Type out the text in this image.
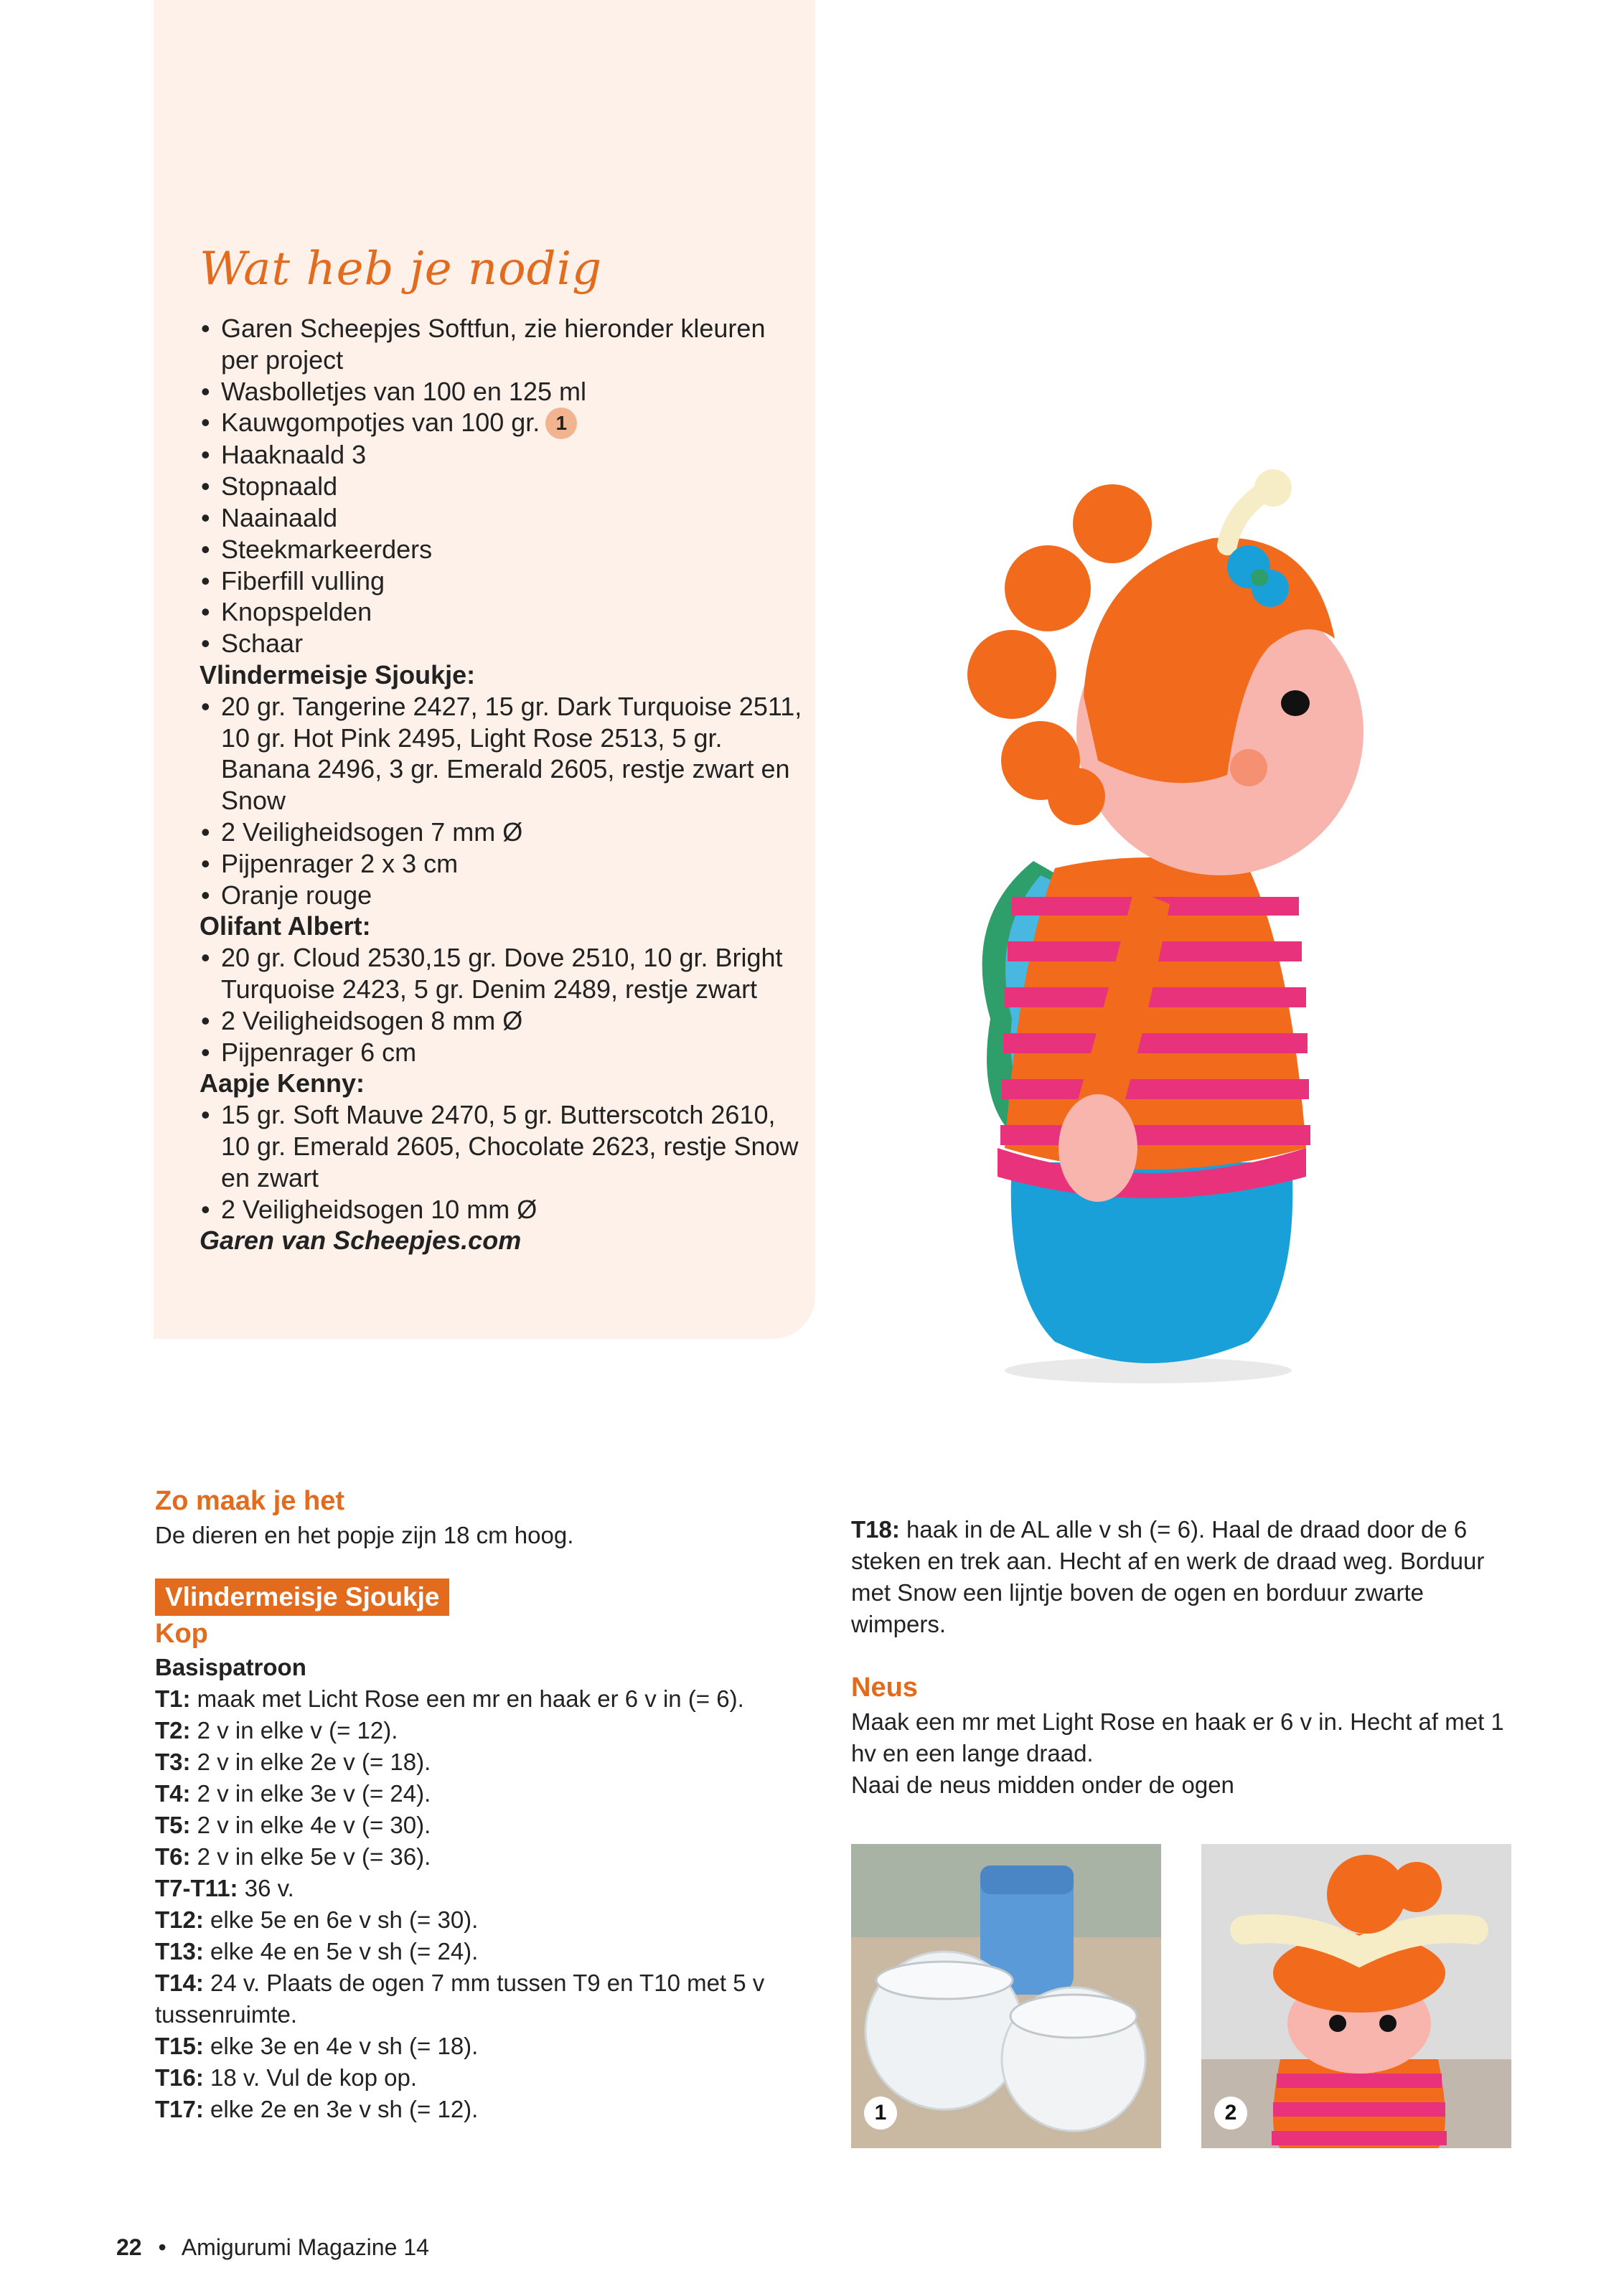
Wat heb je nodig
• Garen Scheepjes Softfun, zie hieronder kleuren per project
• Wasbolletjes van 100 en 125 ml
• Kauwgompotjes van 100 gr. 1
• Haaknaald 3
• Stopnaald
• Naainaald
• Steekmarkeerders
• Fiberfill vulling
• Knopspelden
• Schaar

Vlindermeisje Sjoukje:

• 20 gr. Tangerine 2427, 15 gr. Dark Turquoise 2511, 10 gr. Hot Pink 2495, Light Rose 2513, 5 gr. Banana 2496, 3 gr. Emerald 2605, restje zwart en Snow
• 2 Veiligheidsogen 7 mm Ø
• Pijpenrager 2 x 3 cm
• Oranje rouge

Olifant Albert:

• 20 gr. Cloud 2530,15 gr. Dove 2510, 10 gr. Bright Turquoise 2423, 5 gr. Denim 2489, restje zwart
• 2 Veiligheidsogen 8 mm Ø
• Pijpenrager 6 cm

Aapje Kenny:

• 15 gr. Soft Mauve 2470, 5 gr. Butterscotch 2610, 10 gr. Emerald 2605, Chocolate 2623, restje Snow en zwart
• 2 Veiligheidsogen 10 mm Ø

Garen van Scheepjes.com

Zo maak je het

De dieren en het popje zijn 18 cm hoog.

Vlindermeisje Sjoukje

Kop

Basispatroon

T1: maak met Licht Rose een mr en haak er 6 v in (= 6).

T2: 2 v in elke v (= 12).

T3: 2 v in elke 2e v (= 18).

T4: 2 v in elke 3e v (= 24).

T5: 2 v in elke 4e v (= 30).

T6: 2 v in elke 5e v (= 36).

T7-T11: 36 v.

T12: elke 5e en 6e v sh (= 30).

T13: elke 4e en 5e v sh (= 24).

T14: 24 v. Plaats de ogen 7 mm tussen T9 en T10 met 5 v tussenruimte.

T15: elke 3e en 4e v sh (= 18).

T16: 18 v. Vul de kop op.

T17: elke 2e en 3e v sh (= 12).

T18: haak in de AL alle v sh (= 6). Haal de draad door de 6 steken en trek aan. Hecht af en werk de draad weg. Borduur met Snow een lijntje boven de ogen en borduur zwarte wimpers.

Neus

Maak een mr met Light Rose en haak er 6 v in. Hecht af met 1 hv en een lange draad.

Naai de neus midden onder de ogen

1	2
22 • Amigurumi Magazine 14
